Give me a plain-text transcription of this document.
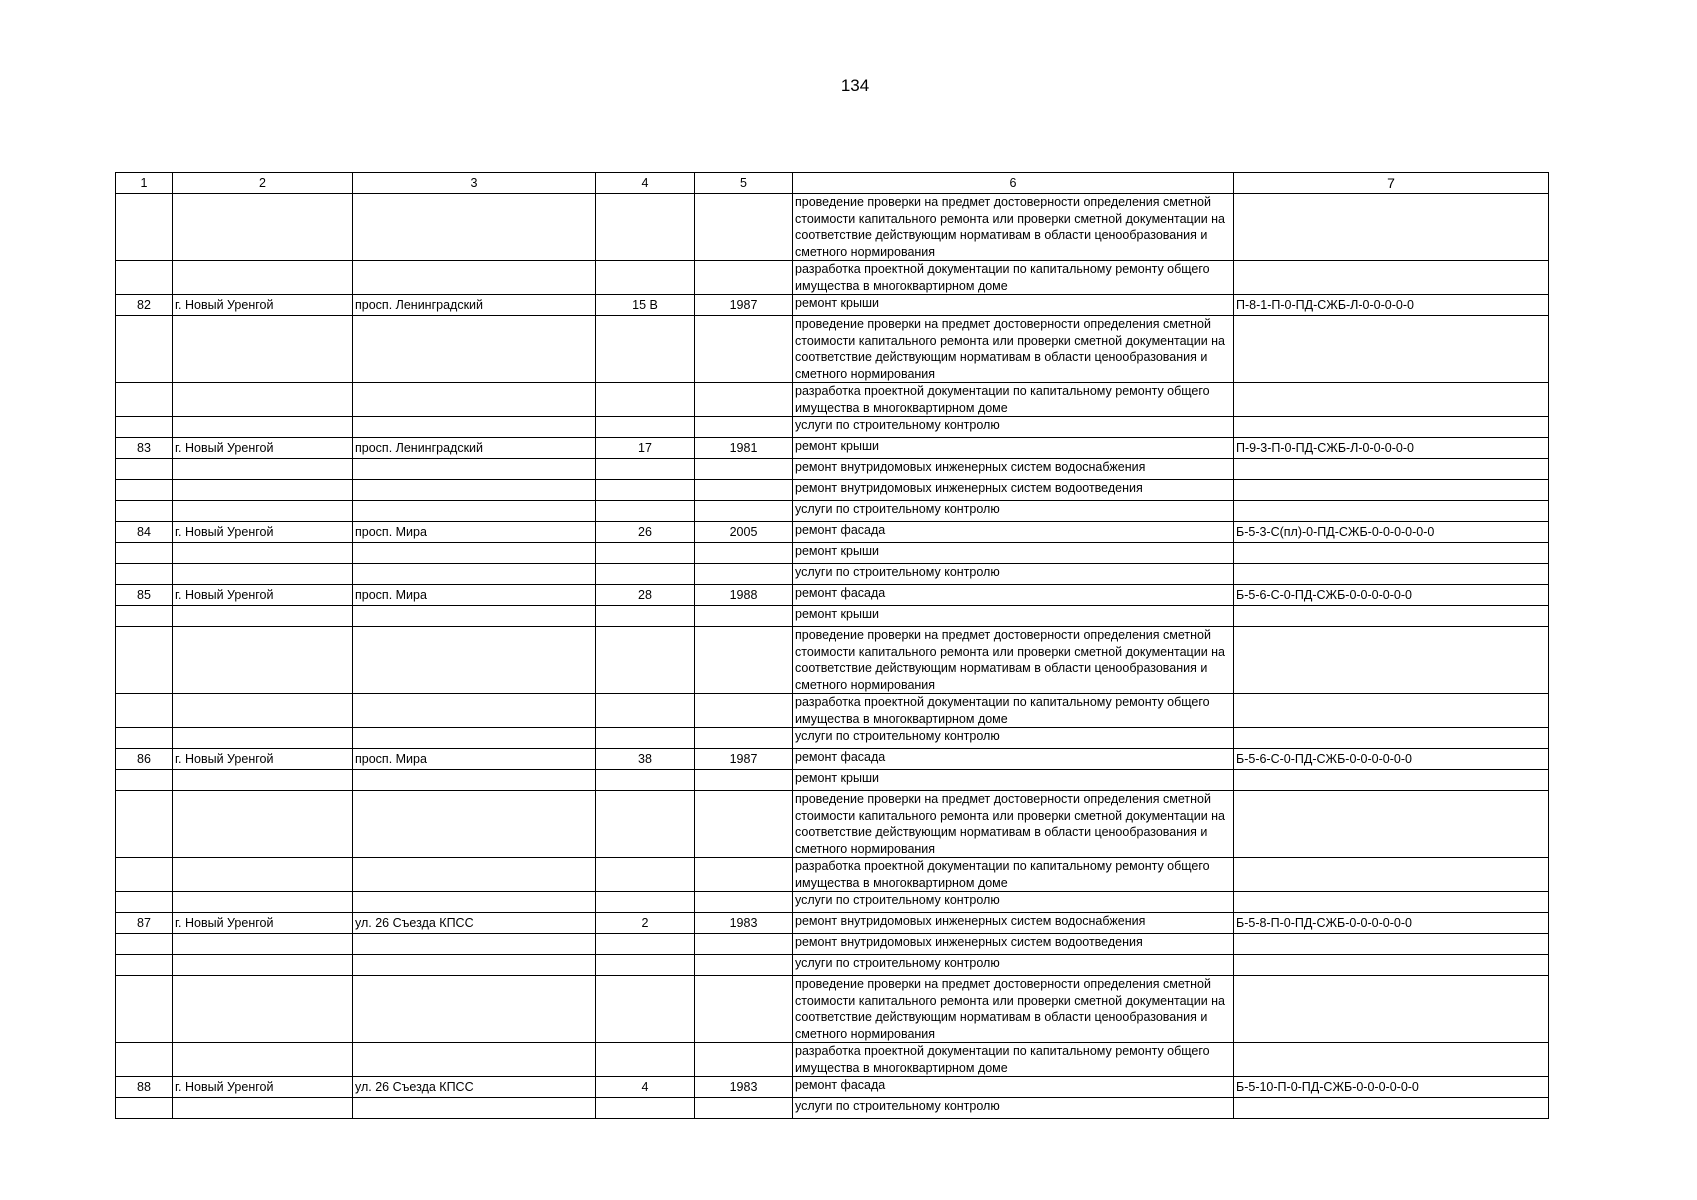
134
1	2	3	4	5	6	7
					проведение проверки на предмет достоверности определения сметной стоимости капитального ремонта или проверки сметной документации на соответствие действующим нормативам в области ценообразования и сметного нормирования	
					разработка проектной документации по капитальному ремонту общего имущества в многоквартирном доме	
82	г. Новый Уренгой	просп. Ленинградский	15 В	1987	ремонт крыши	П-8-1-П-0-ПД-СЖБ-Л-0-0-0-0-0
					проведение проверки на предмет достоверности определения сметной стоимости капитального ремонта или проверки сметной документации на соответствие действующим нормативам в области ценообразования и сметного нормирования	
					разработка проектной документации по капитальному ремонту общего имущества в многоквартирном доме	
					услуги по строительному контролю	
83	г. Новый Уренгой	просп. Ленинградский	17	1981	ремонт крыши	П-9-3-П-0-ПД-СЖБ-Л-0-0-0-0-0
					ремонт внутридомовых инженерных систем водоснабжения	
					ремонт внутридомовых инженерных систем водоотведения	
					услуги по строительному контролю	
84	г. Новый Уренгой	просп. Мира	26	2005	ремонт фасада	Б-5-3-С(пл)-0-ПД-СЖБ-0-0-0-0-0-0
					ремонт крыши	
					услуги по строительному контролю	
85	г. Новый Уренгой	просп. Мира	28	1988	ремонт фасада	Б-5-6-С-0-ПД-СЖБ-0-0-0-0-0-0
					ремонт крыши	
					проведение проверки на предмет достоверности определения сметной стоимости капитального ремонта или проверки сметной документации на соответствие действующим нормативам в области ценообразования и сметного нормирования	
					разработка проектной документации по капитальному ремонту общего имущества в многоквартирном доме	
					услуги по строительному контролю	
86	г. Новый Уренгой	просп. Мира	38	1987	ремонт фасада	Б-5-6-С-0-ПД-СЖБ-0-0-0-0-0-0
					ремонт крыши	
					проведение проверки на предмет достоверности определения сметной стоимости капитального ремонта или проверки сметной документации на соответствие действующим нормативам в области ценообразования и сметного нормирования	
					разработка проектной документации по капитальному ремонту общего имущества в многоквартирном доме	
					услуги по строительному контролю	
87	г. Новый Уренгой	ул. 26 Съезда КПСС	2	1983	ремонт внутридомовых инженерных систем водоснабжения	Б-5-8-П-0-ПД-СЖБ-0-0-0-0-0-0
					ремонт внутридомовых инженерных систем водоотведения	
					услуги по строительному контролю	
					проведение проверки на предмет достоверности определения сметной стоимости капитального ремонта или проверки сметной документации на соответствие действующим нормативам в области ценообразования и сметного нормирования	
					разработка проектной документации по капитальному ремонту общего имущества в многоквартирном доме	
88	г. Новый Уренгой	ул. 26 Съезда КПСС	4	1983	ремонт фасада	Б-5-10-П-0-ПД-СЖБ-0-0-0-0-0-0
					услуги по строительному контролю	
